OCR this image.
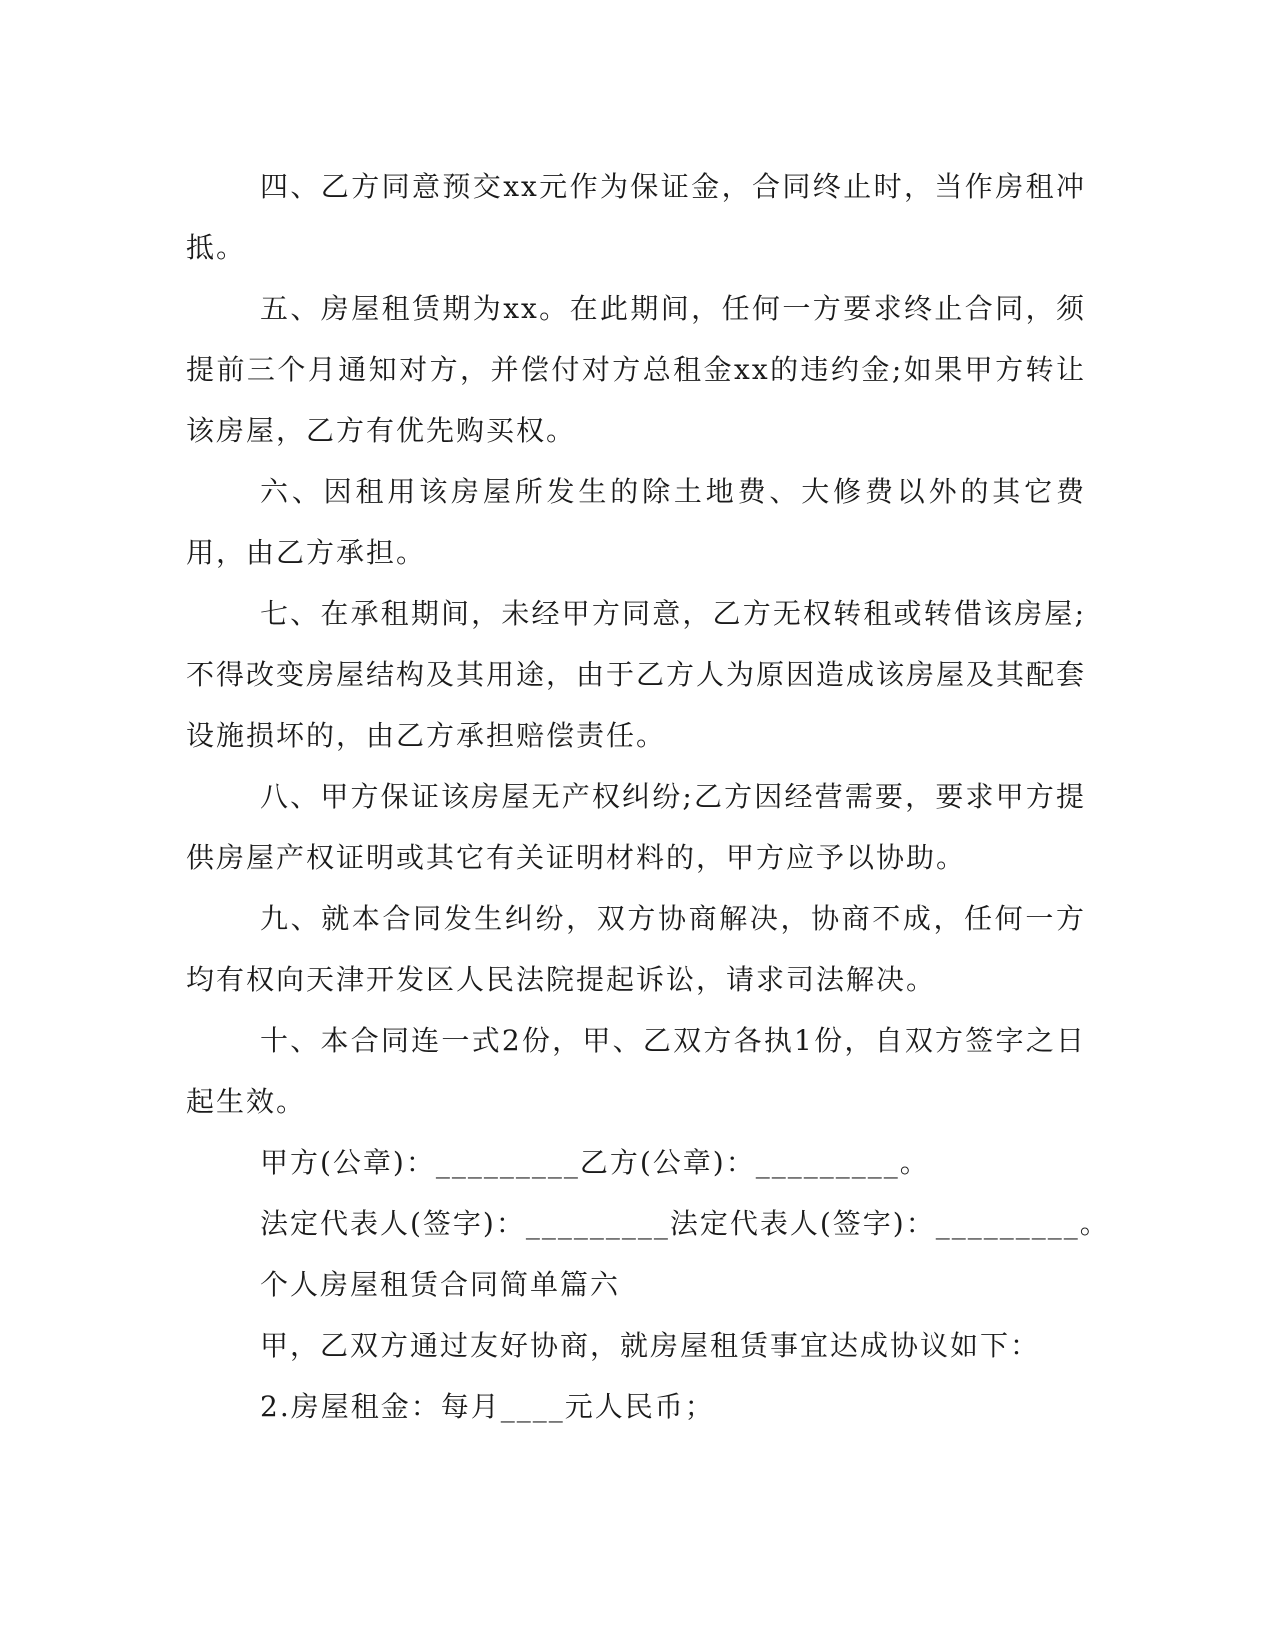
四、乙方同意预交xx元作为保证金，合同终止时，当作房租冲抵。

五、房屋租赁期为xx。在此期间，任何一方要求终止合同，须提前三个月通知对方，并偿付对方总租金xx的违约金;如果甲方转让该房屋，乙方有优先购买权。

六、因租用该房屋所发生的除土地费、大修费以外的其它费用，由乙方承担。

七、在承租期间，未经甲方同意，乙方无权转租或转借该房屋;不得改变房屋结构及其用途，由于乙方人为原因造成该房屋及其配套设施损坏的，由乙方承担赔偿责任。

八、甲方保证该房屋无产权纠纷;乙方因经营需要，要求甲方提供房屋产权证明或其它有关证明材料的，甲方应予以协助。

九、就本合同发生纠纷，双方协商解决，协商不成，任何一方均有权向天津开发区人民法院提起诉讼，请求司法解决。

十、本合同连一式2份，甲、乙双方各执1份，自双方签字之日起生效。

甲方(公章)：_________乙方(公章)：_________。

法定代表人(签字)：_________法定代表人(签字)：_________。

个人房屋租赁合同简单篇六

甲，乙双方通过友好协商，就房屋租赁事宜达成协议如下：

2.房屋租金：每月____元人民币；
